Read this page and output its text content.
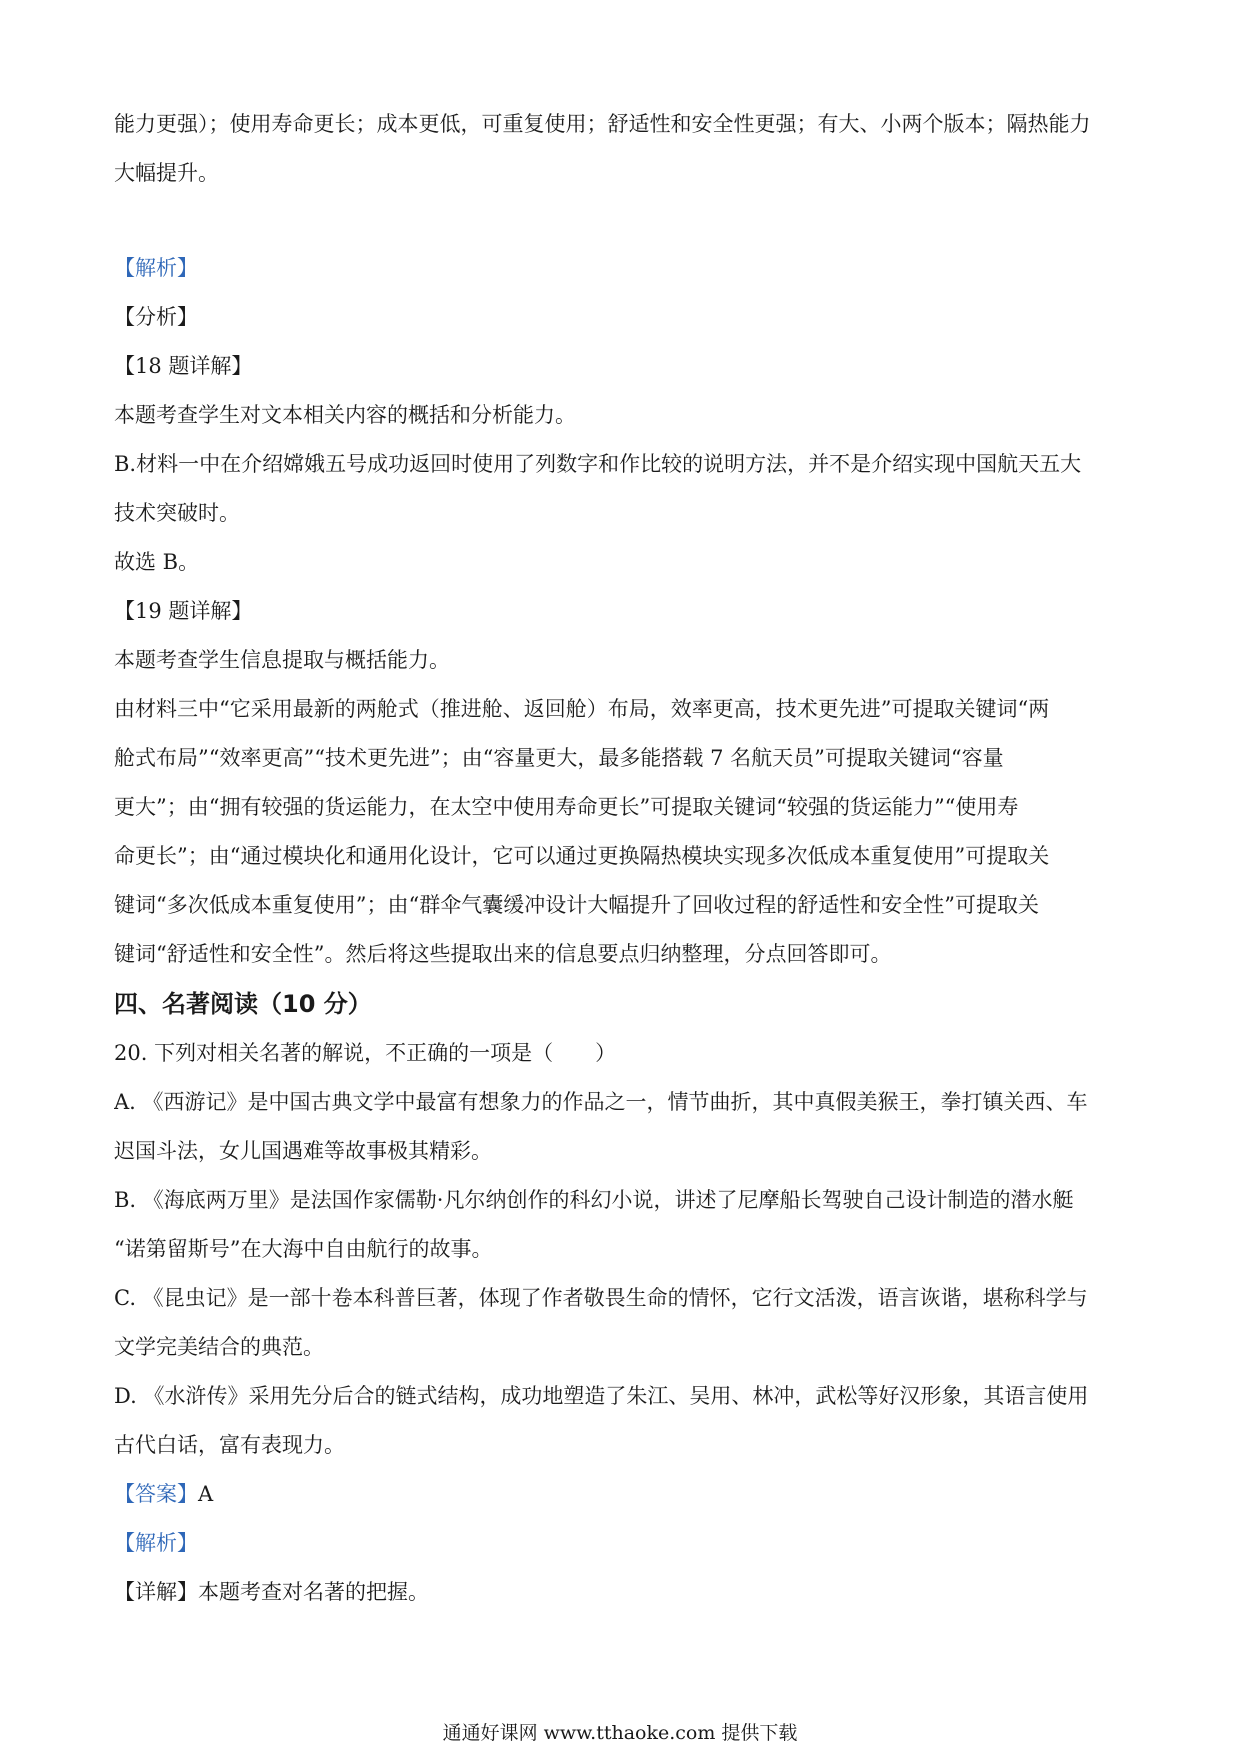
能力更强）；使用寿命更长；成本更低，可重复使用；舒适性和安全性更强；有大、小两个版本；隔热能力
大幅提升。
【解析】
【分析】
【18 题详解】
本题考查学生对文本相关内容的概括和分析能力。
B.材料一中在介绍嫦娥五号成功返回时使用了列数字和作比较的说明方法，并不是介绍实现中国航天五大
技术突破时。
故选 B。
【19 题详解】
本题考查学生信息提取与概括能力。
由材料三中“它采用最新的两舱式（推进舱、返回舱）布局，效率更高，技术更先进”可提取关键词“两
舱式布局”“效率更高”“技术更先进”；由“容量更大，最多能搭载 7 名航天员”可提取关键词“容量
更大”；由“拥有较强的货运能力，在太空中使用寿命更长”可提取关键词“较强的货运能力”“使用寿
命更长”；由“通过模块化和通用化设计，它可以通过更换隔热模块实现多次低成本重复使用”可提取关
键词“多次低成本重复使用”；由“群伞气囊缓冲设计大幅提升了回收过程的舒适性和安全性”可提取关
键词“舒适性和安全性”。然后将这些提取出来的信息要点归纳整理，分点回答即可。
四、名著阅读（10 分）
20. 下列对相关名著的解说，不正确的一项是（　　）
A. 《西游记》是中国古典文学中最富有想象力的作品之一，情节曲折，其中真假美猴王，拳打镇关西、车
迟国斗法，女儿国遇难等故事极其精彩。
B. 《海底两万里》是法国作家儒勒·凡尔纳创作的科幻小说，讲述了尼摩船长驾驶自己设计制造的潜水艇
“诺第留斯号”在大海中自由航行的故事。
C. 《昆虫记》是一部十卷本科普巨著，体现了作者敬畏生命的情怀，它行文活泼，语言诙谐，堪称科学与
文学完美结合的典范。
D. 《水浒传》采用先分后合的链式结构，成功地塑造了朱江、吴用、林冲，武松等好汉形象，其语言使用
古代白话，富有表现力。
【答案】A
【解析】
【详解】本题考查对名著的把握。
通通好课网 www.tthaoke.com 提供下载
